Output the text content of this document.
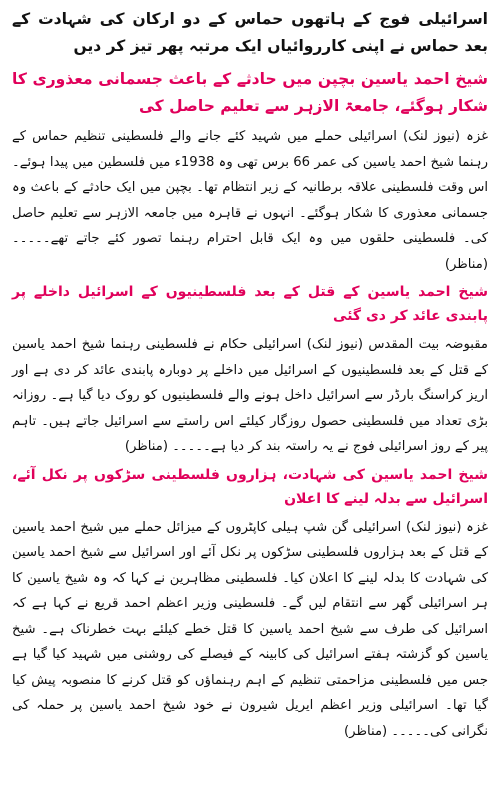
اسرائیلی فوج کے ہاتھوں حماس کے دو ارکان کی شہادت کے بعد حماس نے اپنی کارروائیاں ایک مرتبہ پھر تیز کر دیں

شیخ احمد یاسین بچپن میں حادثے کے باعث جسمانی معذوری کا شکار ہوگئے، جامعۃ الازہر سے تعلیم حاصل کی

غزہ (نیوز لنک) اسرائیلی حملے میں شہید کئے جانے والے فلسطینی تنظیم حماس کے رہنما شیخ احمد یاسین کی عمر 66 برس تھی وہ 1938ء میں فلسطین میں پیدا ہوئے۔ اس وقت فلسطینی علاقہ برطانیہ کے زیر انتظام تھا۔ بچپن میں ایک حادثے کے باعث وہ جسمانی معذوری کا شکار ہوگئے۔ انہوں نے قاہرہ میں جامعہ الازہر سے تعلیم حاصل کی۔ فلسطینی حلقوں میں وہ ایک قابل احترام رہنما تصور کئے جاتے تھے۔۔۔۔۔ (مناظر)

شیخ احمد یاسین کے قتل کے بعد فلسطینیوں کے اسرائیل داخلے پر پابندی عائد کر دی گئی

مقبوضہ بیت المقدس (نیوز لنک) اسرائیلی حکام نے فلسطینی رہنما شیخ احمد یاسین کے قتل کے بعد فلسطینیوں کے اسرائیل میں داخلے پر دوبارہ پابندی عائد کر دی ہے اور اریز کراسنگ بارڈر سے اسرائیل داخل ہونے والے فلسطینیوں کو روک دیا گیا ہے۔ روزانہ بڑی تعداد میں فلسطینی حصول روزگار کیلئے اس راستے سے اسرائیل جاتے ہیں۔ تاہم پیر کے روز اسرائیلی فوج نے یہ راستہ بند کر دیا ہے۔۔۔۔۔ (مناظر)

شیخ احمد یاسین کی شہادت، ہزاروں فلسطینی سڑکوں پر نکل آئے، اسرائیل سے بدلہ لینے کا اعلان

غزہ (نیوز لنک) اسرائیلی گن شپ ہیلی کاپٹروں کے میزائل حملے میں شیخ احمد یاسین کے قتل کے بعد ہزاروں فلسطینی سڑکوں پر نکل آئے اور اسرائیل سے شیخ احمد یاسین کی شہادت کا بدلہ لینے کا اعلان کیا۔ فلسطینی مظاہرین نے کہا کہ وہ شیخ یاسین کا ہر اسرائیلی گھر سے انتقام لیں گے۔ فلسطینی وزیر اعظم احمد قریع نے کہا ہے کہ اسرائیل کی طرف سے شیخ احمد یاسین کا قتل خطے کیلئے بہت خطرناک ہے۔ شیخ یاسین کو گزشتہ ہفتے اسرائیل کی کابینہ کے فیصلے کی روشنی میں شہید کیا گیا ہے جس میں فلسطینی مزاحمتی تنظیم کے اہم رہنماؤں کو قتل کرنے کا منصوبہ پیش کیا گیا تھا۔ اسرائیلی وزیر اعظم ایریل شیرون نے خود شیخ احمد یاسین پر حملہ کی نگرانی کی۔۔۔۔۔ (مناظر)
